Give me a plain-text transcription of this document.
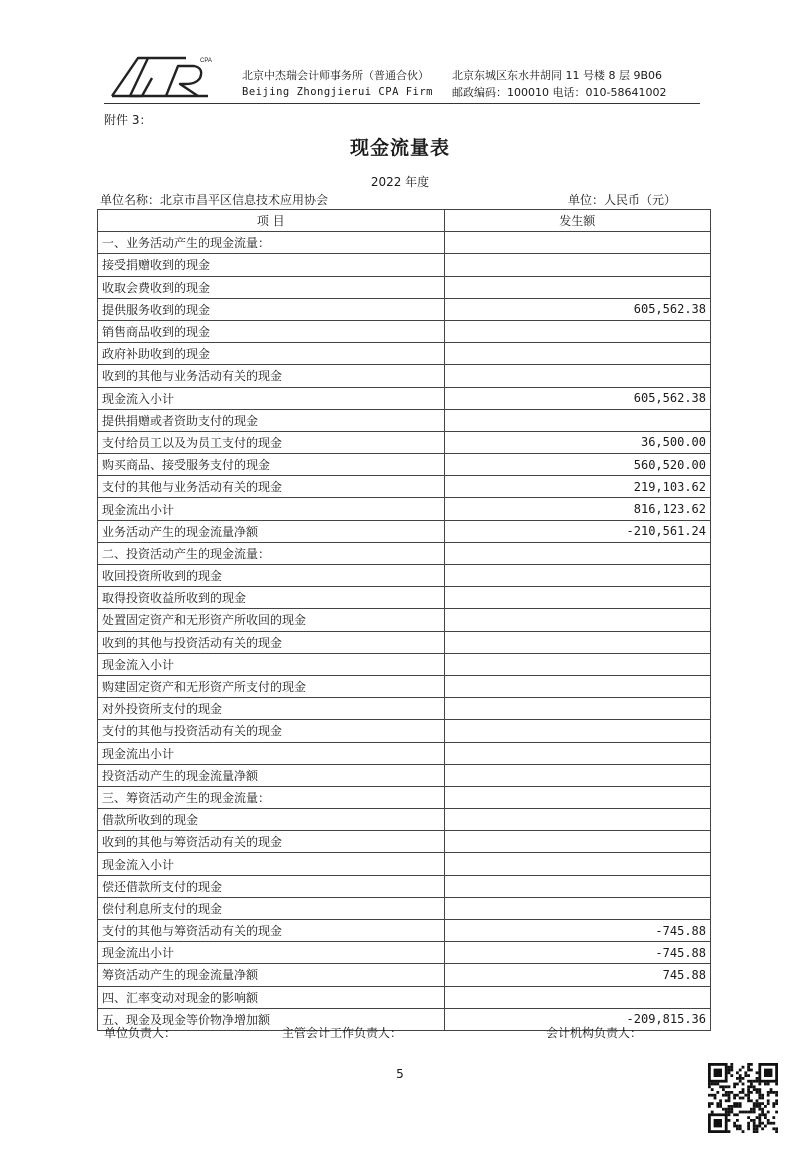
CPA
北京中杰瑞会计师事务所（普通合伙）
Beijing Zhongjierui CPA Firm
北京东城区东水井胡同 11 号楼 8 层 9B06
邮政编码：100010 电话：010-58641002
附件 3：
现金流量表
2022 年度
单位名称：北京市昌平区信息技术应用协会	单位：人民币（元）
项 目	发生额
一、业务活动产生的现金流量：	
接受捐赠收到的现金	
收取会费收到的现金	
提供服务收到的现金	605,562.38
销售商品收到的现金	
政府补助收到的现金	
收到的其他与业务活动有关的现金	
现金流入小计	605,562.38
提供捐赠或者资助支付的现金	
支付给员工以及为员工支付的现金	36,500.00
购买商品、接受服务支付的现金	560,520.00
支付的其他与业务活动有关的现金	219,103.62
现金流出小计	816,123.62
业务活动产生的现金流量净额	-210,561.24
二、投资活动产生的现金流量：	
收回投资所收到的现金	
取得投资收益所收到的现金	
处置固定资产和无形资产所收回的现金	
收到的其他与投资活动有关的现金	
现金流入小计	
购建固定资产和无形资产所支付的现金	
对外投资所支付的现金	
支付的其他与投资活动有关的现金	
现金流出小计	
投资活动产生的现金流量净额	
三、筹资活动产生的现金流量：	
借款所收到的现金	
收到的其他与筹资活动有关的现金	
现金流入小计	
偿还借款所支付的现金	
偿付利息所支付的现金	
支付的其他与筹资活动有关的现金	-745.88
现金流出小计	-745.88
筹资活动产生的现金流量净额	745.88
四、汇率变动对现金的影响额	
五、现金及现金等价物净增加额	-209,815.36
单位负责人：	主管会计工作负责人：	会计机构负责人：
5
